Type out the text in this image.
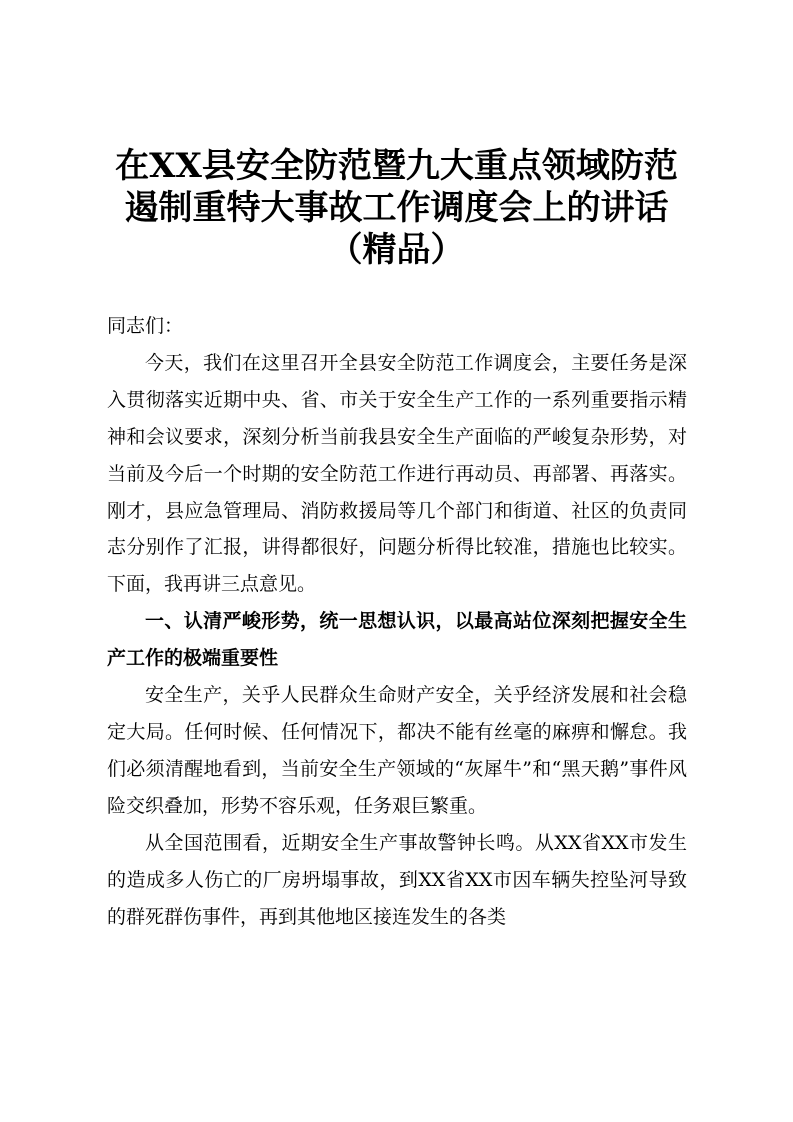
在XX县安全防范暨九大重点领域防范
遏制重特大事故工作调度会上的讲话
（精品）

同志们：

今天，我们在这里召开全县安全防范工作调度会，主要任务是深入贯彻落实近期中央、省、市关于安全生产工作的一系列重要指示精神和会议要求，深刻分析当前我县安全生产面临的严峻复杂形势，对当前及今后一个时期的安全防范工作进行再动员、再部署、再落实。刚才，县应急管理局、消防救援局等几个部门和街道、社区的负责同志分别作了汇报，讲得都很好，问题分析得比较准，措施也比较实。下面，我再讲三点意见。

一、认清严峻形势，统一思想认识，以最高站位深刻把握安全生产工作的极端重要性

安全生产，关乎人民群众生命财产安全，关乎经济发展和社会稳定大局。任何时候、任何情况下，都决不能有丝毫的麻痹和懈怠。我们必须清醒地看到，当前安全生产领域的“灰犀牛”和“黑天鹅”事件风险交织叠加，形势不容乐观，任务艰巨繁重。

从全国范围看，近期安全生产事故警钟长鸣。从XX省XX市发生的造成多人伤亡的厂房坍塌事故，到XX省XX市因车辆失控坠河导致的群死群伤事件，再到其他地区接连发生的各类
